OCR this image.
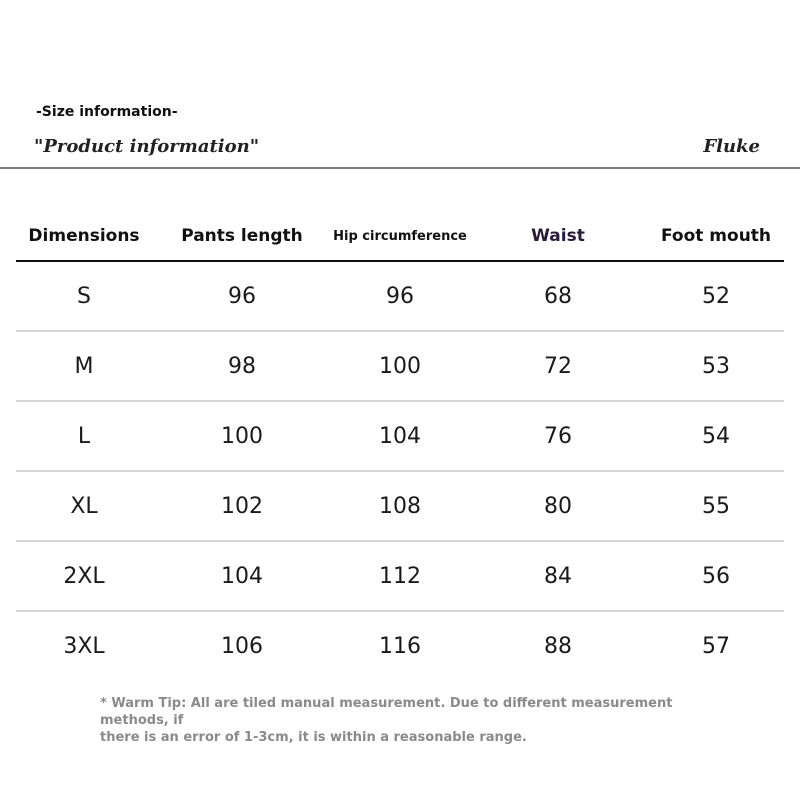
-Size information-
"Product information"	Fluke
Dimensions	Pants length	Hip circumference	Waist	Foot mouth
S	96	96	68	52
M	98	100	72	53
L	100	104	76	54
XL	102	108	80	55
2XL	104	112	84	56
3XL	106	116	88	57
* Warm Tip: All are tiled manual measurement. Due to different measurement methods, if
there is an error of 1-3cm, it is within a reasonable range.
